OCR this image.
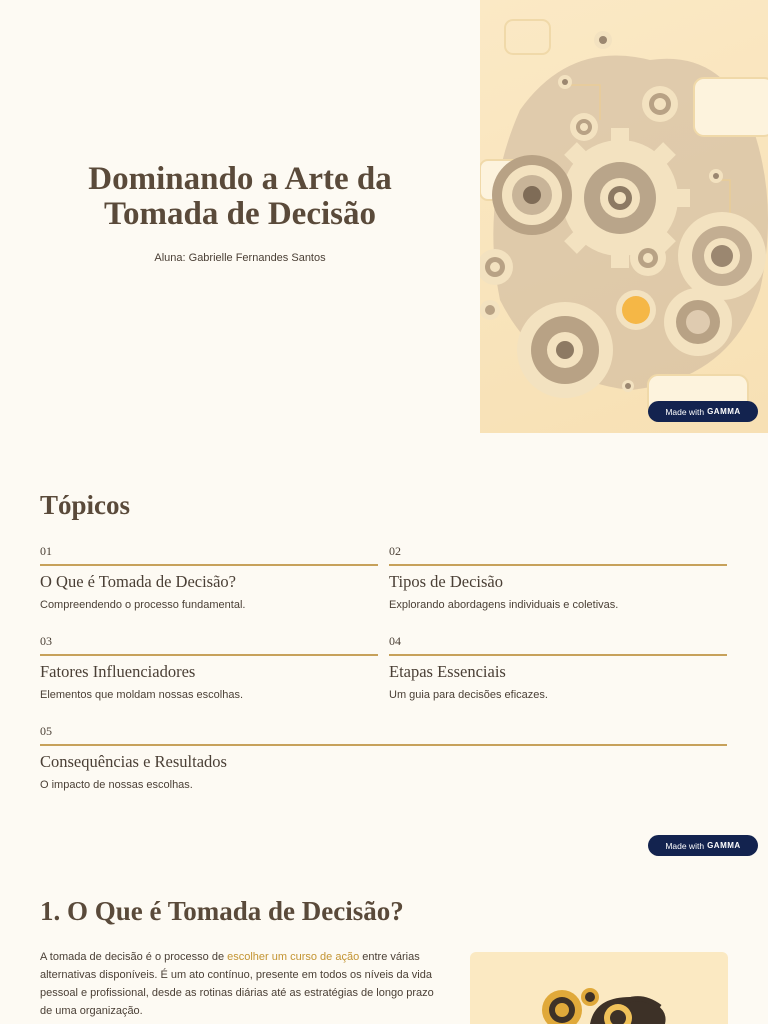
Dominando a Arte da
Tomada de Decisão
Aluna: Gabrielle Fernandes Santos
Made with GAMMA
Tópicos
01
O Que é Tomada de Decisão?
Compreendendo o processo fundamental.
02
Tipos de Decisão
Explorando abordagens individuais e coletivas.
03
Fatores Influenciadores
Elementos que moldam nossas escolhas.
04
Etapas Essenciais
Um guia para decisões eficazes.
05
Consequências e Resultados
O impacto de nossas escolhas.
Made with GAMMA
1. O Que é Tomada de Decisão?

A tomada de decisão é o processo de escolher um curso de ação entre várias alternativas disponíveis. É um ato contínuo, presente em todos os níveis da vida pessoal e profissional, desde as rotinas diárias até as estratégias de longo prazo de uma organização.
